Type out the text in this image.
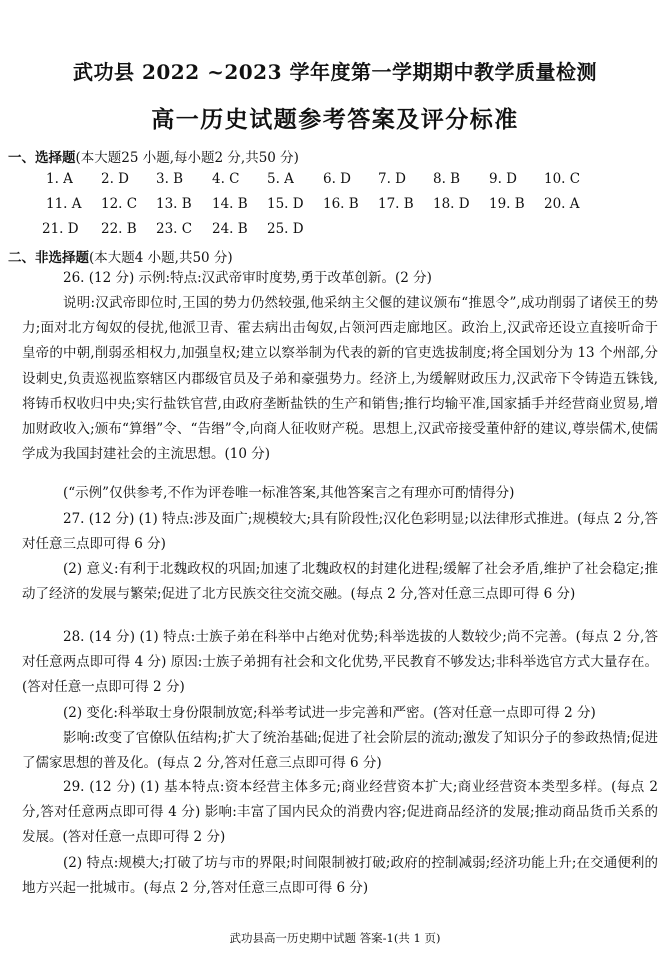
武功县 2022 ~2023 学年度第一学期期中教学质量检测
高一历史试题参考答案及评分标准
一、选择题(本大题25 小题,每小题2 分,共50 分)
1. A 2. D 3. B 4. C 5. A 6. D 7. D 8. B 9. D 10. C
11. A 12. C 13. B 14. B 15. D 16. B 17. B 18. D 19. B 20. A
21. D 22. B 23. C 24. B 25. D
二、非选择题(本大题4 小题,共50 分)
26. (12 分) 示例:特点:汉武帝审时度势,勇于改革创新。(2 分)
说明:汉武帝即位时,王国的势力仍然较强,他采纳主父偃的建议颁布“推恩令”,成功削弱了诸侯王的势力;面对北方匈奴的侵扰,他派卫青、霍去病出击匈奴,占领河西走廊地区。政治上,汉武帝还设立直接听命于皇帝的中朝,削弱丞相权力,加强皇权;建立以察举制为代表的新的官吏选拔制度;将全国划分为 13 个州部,分设刺史,负责巡视监察辖区内郡级官员及子弟和豪强势力。经济上,为缓解财政压力,汉武帝下令铸造五铢钱,将铸币权收归中央;实行盐铁官营,由政府垄断盐铁的生产和销售;推行均输平准,国家插手并经营商业贸易,增加财政收入;颁布“算缗”令、“告缗”令,向商人征收财产税。思想上,汉武帝接受董仲舒的建议,尊崇儒术,使儒学成为我国封建社会的主流思想。(10 分)
(“示例”仅供参考,不作为评卷唯一标准答案,其他答案言之有理亦可酌情得分)
27. (12 分) (1) 特点:涉及面广;规模较大;具有阶段性;汉化色彩明显;以法律形式推进。(每点 2 分,答对任意三点即可得 6 分)
(2) 意义:有利于北魏政权的巩固;加速了北魏政权的封建化进程;缓解了社会矛盾,维护了社会稳定;推动了经济的发展与繁荣;促进了北方民族交往交流交融。(每点 2 分,答对任意三点即可得 6 分)
28. (14 分) (1) 特点:士族子弟在科举中占绝对优势;科举选拔的人数较少;尚不完善。(每点 2 分,答对任意两点即可得 4 分) 原因:士族子弟拥有社会和文化优势,平民教育不够发达;非科举选官方式大量存在。(答对任意一点即可得 2 分)
(2) 变化:科举取士身份限制放宽;科举考试进一步完善和严密。(答对任意一点即可得 2 分)
影响:改变了官僚队伍结构;扩大了统治基础;促进了社会阶层的流动;激发了知识分子的参政热情;促进了儒家思想的普及化。(每点 2 分,答对任意三点即可得 6 分)
29. (12 分) (1) 基本特点:资本经营主体多元;商业经营资本扩大;商业经营资本类型多样。(每点 2 分,答对任意两点即可得 4 分) 影响:丰富了国内民众的消费内容;促进商品经济的发展;推动商品货币关系的发展。(答对任意一点即可得 2 分)
(2) 特点:规模大;打破了坊与市的界限;时间限制被打破;政府的控制减弱;经济功能上升;在交通便利的地方兴起一批城市。(每点 2 分,答对任意三点即可得 6 分)
武功县高一历史期中试题 答案-1(共 1 页)
